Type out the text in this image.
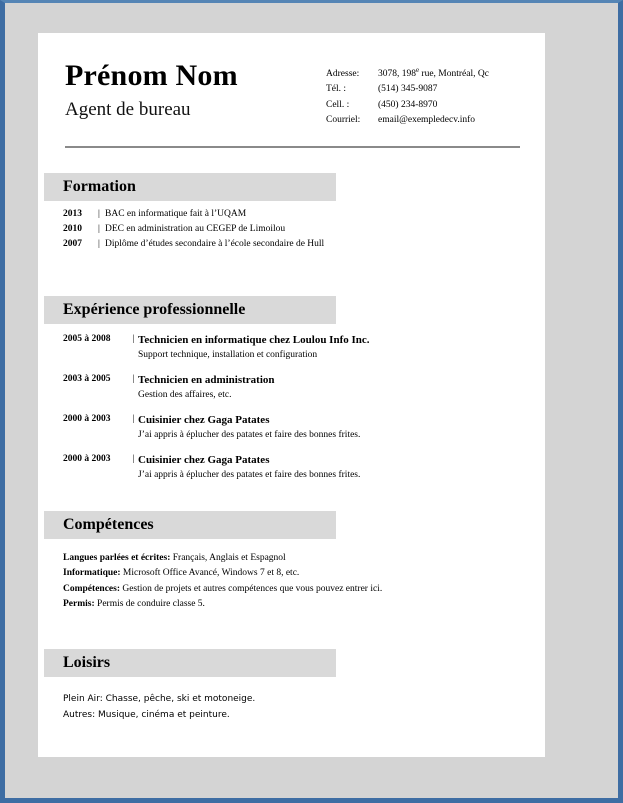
Prénom Nom
Agent de bureau
Adresse:	3078, 198e rue, Montréal, Qc
Tél. :	(514) 345-9087
Cell. :	(450) 234-8970
Courriel:	email@exempledecv.info
Formation
2013	| BAC en informatique fait à l’UQAM
2010	| DEC en administration au CEGEP de Limoilou
2007	| Diplôme d’études secondaire à l’école secondaire de Hull
Expérience professionnelle
2005 à 2008	| Technicien en informatique chez Loulou Info Inc.
Support technique, installation et configuration
2003 à 2005	| Technicien en administration
Gestion des affaires, etc.
2000 à 2003	| Cuisinier chez Gaga Patates
J’ai appris à éplucher des patates et faire des bonnes frites.
2000 à 2003	| Cuisinier chez Gaga Patates
J’ai appris à éplucher des patates et faire des bonnes frites.
Compétences
Langues parlées et écrites: Français, Anglais et Espagnol
Informatique: Microsoft Office Avancé, Windows 7 et 8, etc.
Compétences: Gestion de projets et autres compétences que vous pouvez entrer ici.
Permis: Permis de conduire classe 5.
Loisirs
Plein Air: Chasse, pêche, ski et motoneige.
Autres: Musique, cinéma et peinture.
